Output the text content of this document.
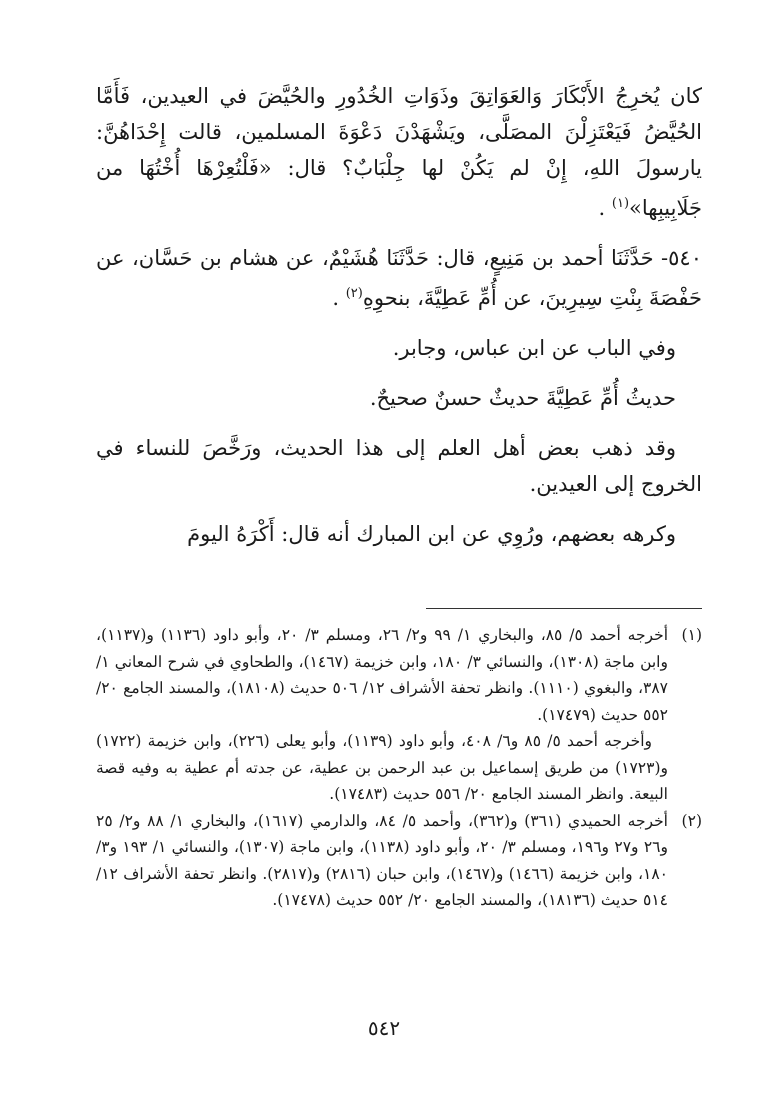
كان يُخرِجُ الأَبْكَارَ وَالعَوَاتِقَ وذَوَاتِ الخُدُورِ والحُيَّضَ في العيدين، فَأَمَّا الحُيَّضُ فَيَعْتَزِلْنَ المصَلَّى، ويَشْهَدْنَ دَعْوَةَ المسلمين، قالت إِحْدَاهُنَّ: يارسولَ اللهِ، إِنْ لم يَكُنْ لها جِلْبَابٌ؟ قال: «فَلْتُعِرْهَا أُخْتُهَا من جَلَابِيبِها»$^{(١)}$ .

٥٤٠- حَدَّثَنَا أحمد بن مَنِيعٍ، قال: حَدَّثَنَا هُشَيْمٌ، عن هشام بن حَسَّان، عن حَفْصَةَ بِنْتِ سِيرِينَ، عن أُمِّ عَطِيَّةَ، بنحوِهِ$^{(٢)}$ .

وفي الباب عن ابن عباس، وجابر.

حديثُ أُمِّ عَطِيَّةَ حديثٌ حسنٌ صحيحٌ.

وقد ذهب بعض أهل العلم إلى هذا الحديث، ورَخَّصَ للنساء في الخروج إلى العيدين.

وكرهه بعضهم، ورُوِي عن ابن المبارك أنه قال: أَكْرَهُ اليومَ

(١)
أخرجه أحمد ٥/ ٨٥، والبخاري ١/ ٩٩ و٢/ ٢٦، ومسلم ٣/ ٢٠، وأبو داود (١١٣٦) و(١١٣٧)، وابن ماجة (١٣٠٨)، والنسائي ٣/ ١٨٠، وابن خزيمة (١٤٦٧)، والطحاوي في شرح المعاني ١/ ٣٨٧، والبغوي (١١١٠). وانظر تحفة الأشراف ١٢/ ٥٠٦ حديث (١٨١٠٨)، والمسند الجامع ٢٠/ ٥٥٢ حديث (١٧٤٧٩).
وأخرجه أحمد ٥/ ٨٥ و٦/ ٤٠٨، وأبو داود (١١٣٩)، وأبو يعلى (٢٢٦)، وابن خزيمة (١٧٢٢) و(١٧٢٣) من طريق إسماعيل بن عبد الرحمن بن عطية، عن جدته أم عطية به وفيه قصة البيعة. وانظر المسند الجامع ٢٠/ ٥٥٦ حديث (١٧٤٨٣).
(٢)
أخرجه الحميدي (٣٦١) و(٣٦٢)، وأحمد ٥/ ٨٤، والدارمي (١٦١٧)، والبخاري ١/ ٨٨ و٢/ ٢٥ و٢٦ و٢٧ و١٩٦، ومسلم ٣/ ٢٠، وأبو داود (١١٣٨)، وابن ماجة (١٣٠٧)، والنسائي ١/ ١٩٣ و٣/ ١٨٠، وابن خزيمة (١٤٦٦) و(١٤٦٧)، وابن حبان (٢٨١٦) و(٢٨١٧). وانظر تحفة الأشراف ١٢/ ٥١٤ حديث (١٨١٣٦)، والمسند الجامع ٢٠/ ٥٥٢ حديث (١٧٤٧٨).
٥٤٢
